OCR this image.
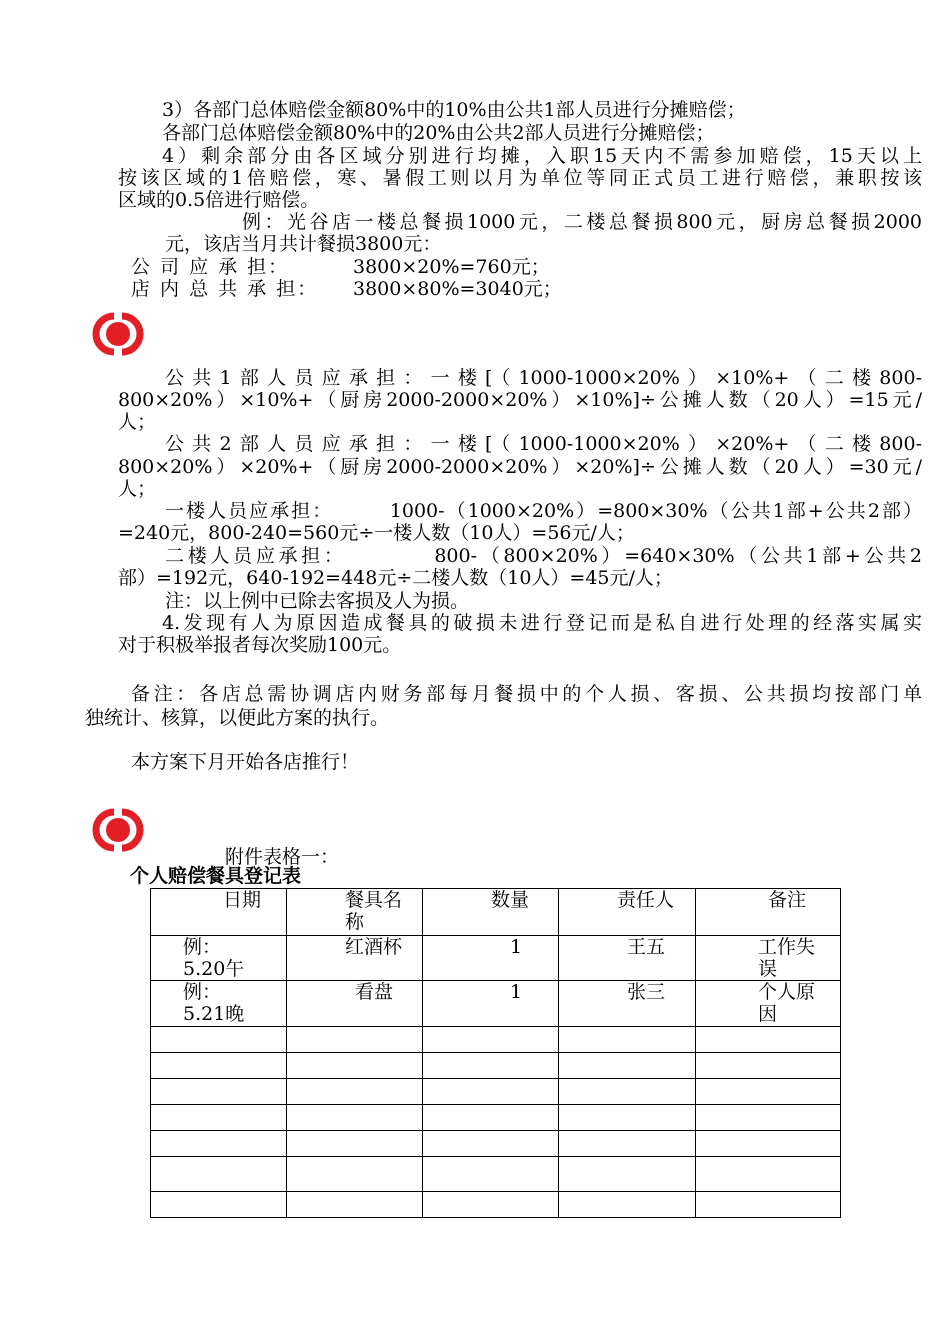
3）各部门总体赔偿金额80%中的10%由公共1部人员进行分摊赔偿；
各部门总体赔偿金额80%中的20%由公共2部人员进行分摊赔偿；
4）剩余部分由各区域分别进行均摊，入职15天内不需参加赔偿，15天以上
按该区域的1倍赔偿，寒、暑假工则以月为单位等同正式员工进行赔偿，兼职按该
区域的0.5倍进行赔偿。
例：光谷店一楼总餐损1000元，二楼总餐损800元，厨房总餐损2000
元，该店当月共计餐损3800元：
公 司 应 承 担：	3800×20%=760元；
店 内 总 共 承 担： 3800×80%=3040元；
公共1部人员应承担：一楼[（1000-1000×20%）×10%+（二楼800-
800×20%）×10%+（厨房2000-2000×20%）×10%]÷公摊人数（20人）=15元/
人；
公共2部人员应承担：一楼[（1000-1000×20%）×20%+（二楼800-
800×20%）×20%+（厨房2000-2000×20%）×20%]÷公摊人数（20人）=30元/
人；
一楼人员应承担：       1000-（1000×20%）=800×30%（公共1部+公共2部）
=240元，800-240=560元÷一楼人数（10人）=56元/人；
二楼人员应承担：         800-（800×20%）=640×30%（公共1部+公共2
部）=192元，640-192=448元÷二楼人数（10人）=45元/人；
注：以上例中已除去客损及人为损。
4.发现有人为原因造成餐具的破损未进行登记而是私自进行处理的经落实属实
对于积极举报者每次奖励100元。
备注：各店总需协调店内财务部每月餐损中的个人损、客损、公共损均按部门单
独统计、核算，以便此方案的执行。
本方案下月开始各店推行！
附件表格一：
个人赔偿餐具登记表
日期	餐具名称	数量	责任人	备注

例：5.20午	红酒杯	1	王五	工作失误

例：5.21晚	看盘	1	张三	个人原因
